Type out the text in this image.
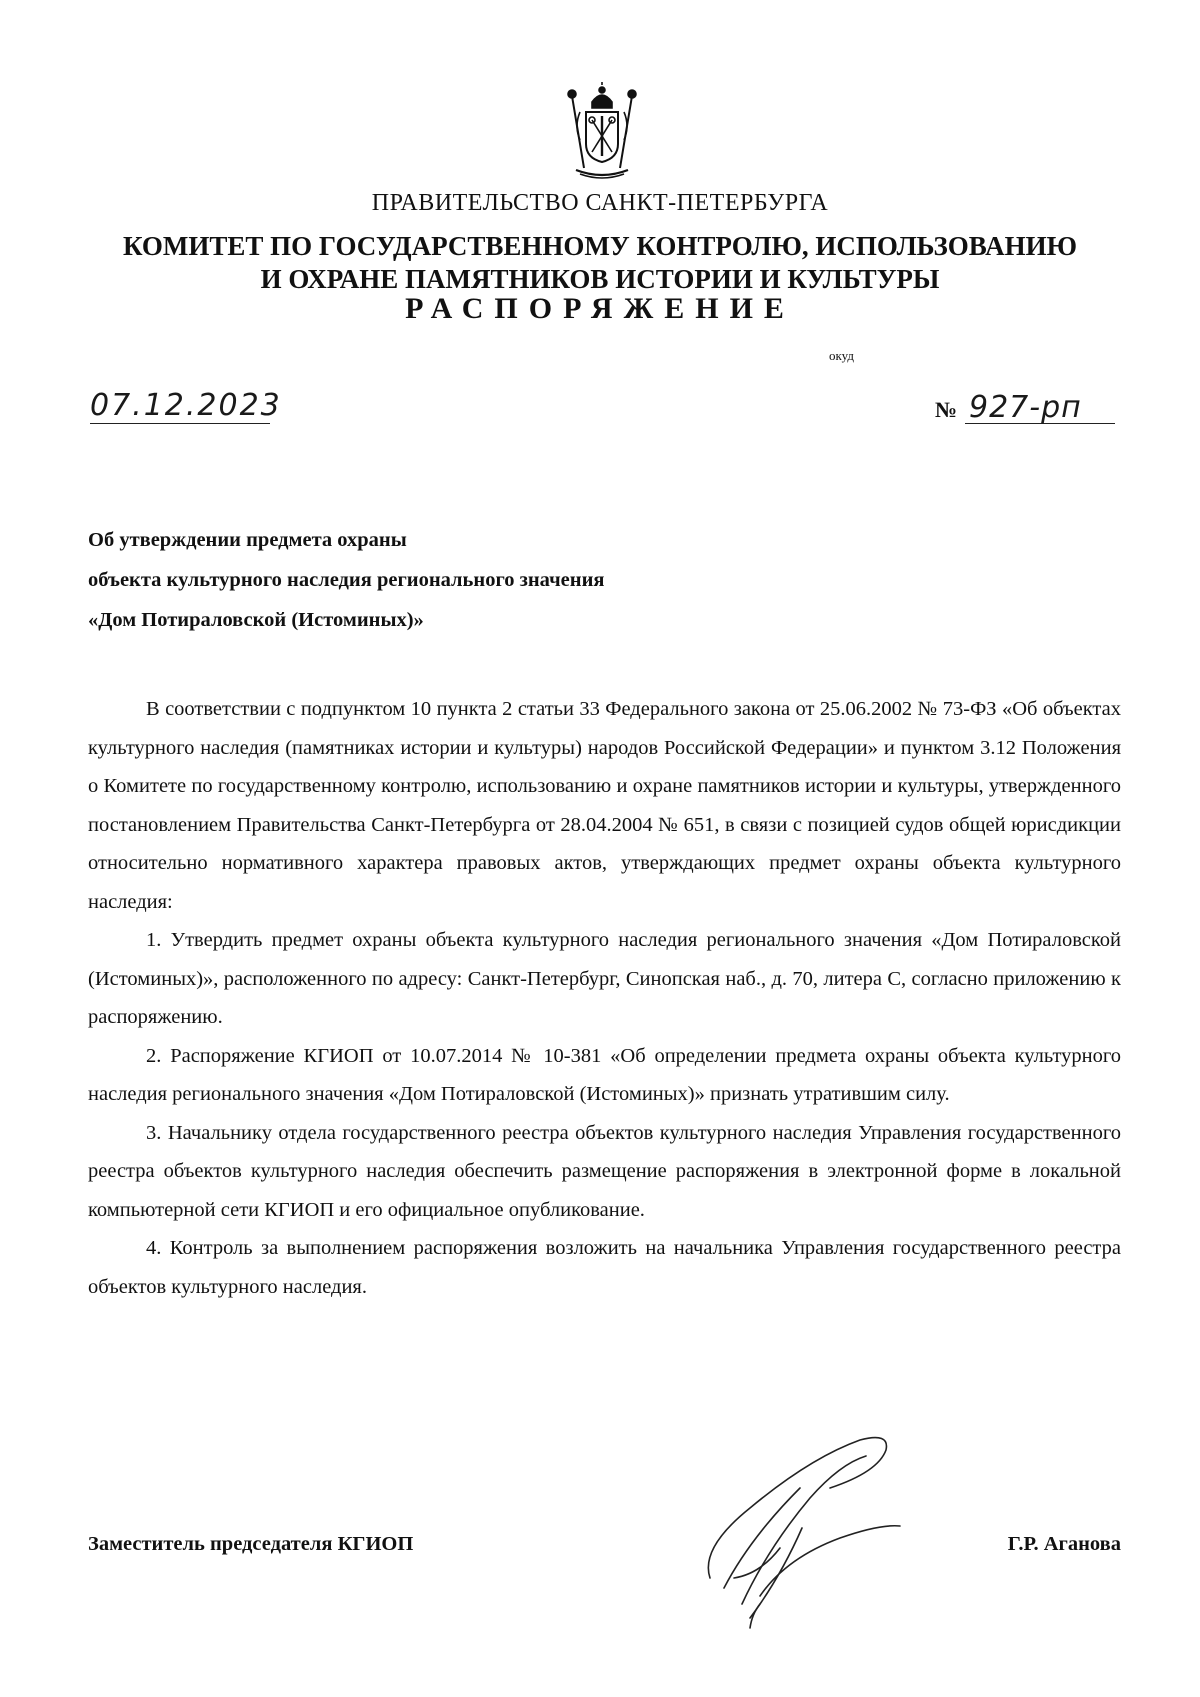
ПРАВИТЕЛЬСТВО САНКТ-ПЕТЕРБУРГА
КОМИТЕТ ПО ГОСУДАРСТВЕННОМУ КОНТРОЛЮ, ИСПОЛЬЗОВАНИЮ
И ОХРАНЕ ПАМЯТНИКОВ ИСТОРИИ И КУЛЬТУРЫ
РАСПОРЯЖЕНИЕ
окуд
07.12.2023	№ 927-рп
Об утверждении предмета охраны
объекта культурного наследия регионального значения
«Дом Потираловской (Истоминых)»

В соответствии с подпунктом 10 пункта 2 статьи 33 Федерального закона от 25.06.2002 № 73-ФЗ «Об объектах культурного наследия (памятниках истории и культуры) народов Российской Федерации» и пунктом 3.12 Положения о Комитете по государственному контролю, использованию и охране памятников истории и культуры, утвержденного постановлением Правительства Санкт-Петербурга от 28.04.2004 № 651, в связи с позицией судов общей юрисдикции относительно нормативного характера правовых актов, утверждающих предмет охраны объекта культурного наследия:

1. Утвердить предмет охраны объекта культурного наследия регионального значения «Дом Потираловской (Истоминых)», расположенного по адресу: Санкт-Петербург, Синопская наб., д. 70, литера С, согласно приложению к распоряжению.

2. Распоряжение КГИОП от 10.07.2014 № 10-381 «Об определении предмета охраны объекта культурного наследия регионального значения «Дом Потираловской (Истоминых)» признать утратившим силу.

3. Начальнику отдела государственного реестра объектов культурного наследия Управления государственного реестра объектов культурного наследия обеспечить размещение распоряжения в электронной форме в локальной компьютерной сети КГИОП и его официальное опубликование.

4. Контроль за выполнением распоряжения возложить на начальника Управления государственного реестра объектов культурного наследия.

Заместитель председателя КГИОП	Г.Р. Аганова
